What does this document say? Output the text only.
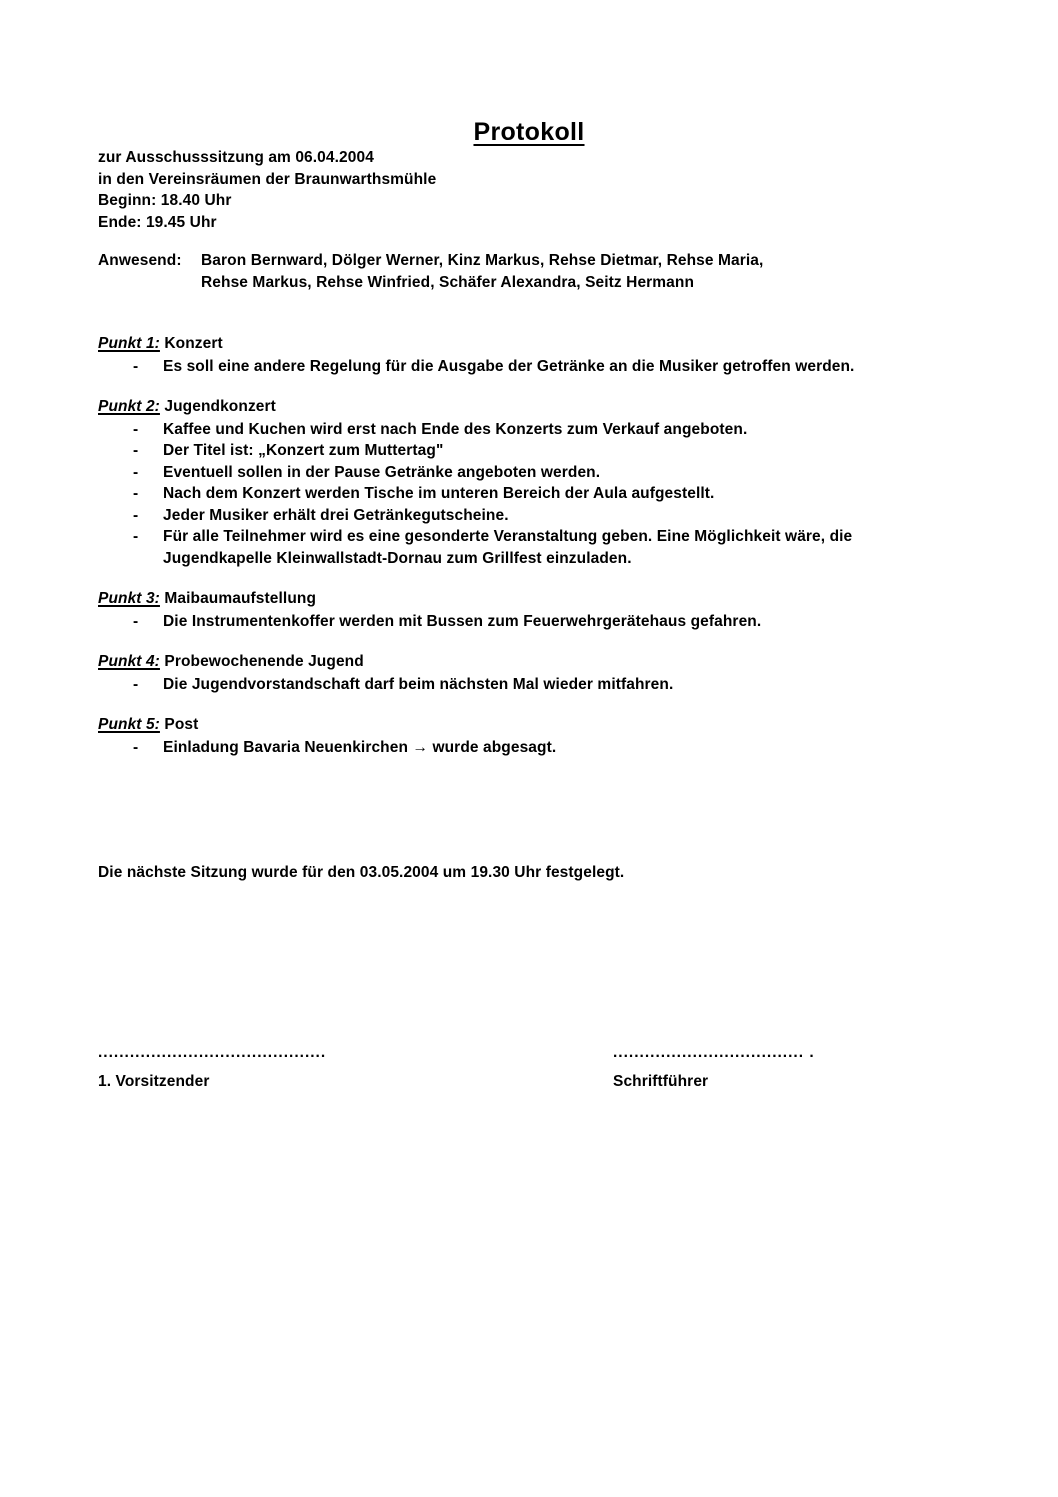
Protokoll
zur Ausschusssitzung am 06.04.2004
in den Vereinsräumen der Braunwarthsmühle
Beginn: 18.40 Uhr
Ende: 19.45 Uhr
Anwesend:	Baron Bernward, Dölger Werner, Kinz Markus, Rehse Dietmar, Rehse Maria,
Rehse Markus, Rehse Winfried, Schäfer Alexandra, Seitz Hermann
Punkt 1: Konzert
- Es soll eine andere Regelung für die Ausgabe der Getränke an die Musiker getroffen werden.
Punkt 2: Jugendkonzert
- Kaffee und Kuchen wird erst nach Ende des Konzerts zum Verkauf angeboten.
- Der Titel ist: „Konzert zum Muttertag"
- Eventuell sollen in der Pause Getränke angeboten werden.
- Nach dem Konzert werden Tische im unteren Bereich der Aula aufgestellt.
- Jeder Musiker erhält drei Getränkegutscheine.
- Für alle Teilnehmer wird es eine gesonderte Veranstaltung geben. Eine Möglichkeit wäre, die Jugendkapelle Kleinwallstadt-Dornau zum Grillfest einzuladen.
Punkt 3: Maibaumaufstellung
- Die Instrumentenkoffer werden mit Bussen zum Feuerwehrgerätehaus gefahren.
Punkt 4: Probewochenende Jugend
- Die Jugendvorstandschaft darf beim nächsten Mal wieder mitfahren.
Punkt 5: Post
- Einladung Bavaria Neuenkirchen → wurde abgesagt.
Die nächste Sitzung wurde für den 03.05.2004 um 19.30 Uhr festgelegt.
...........................................
1. Vorsitzender
.................................... .
Schriftführer
